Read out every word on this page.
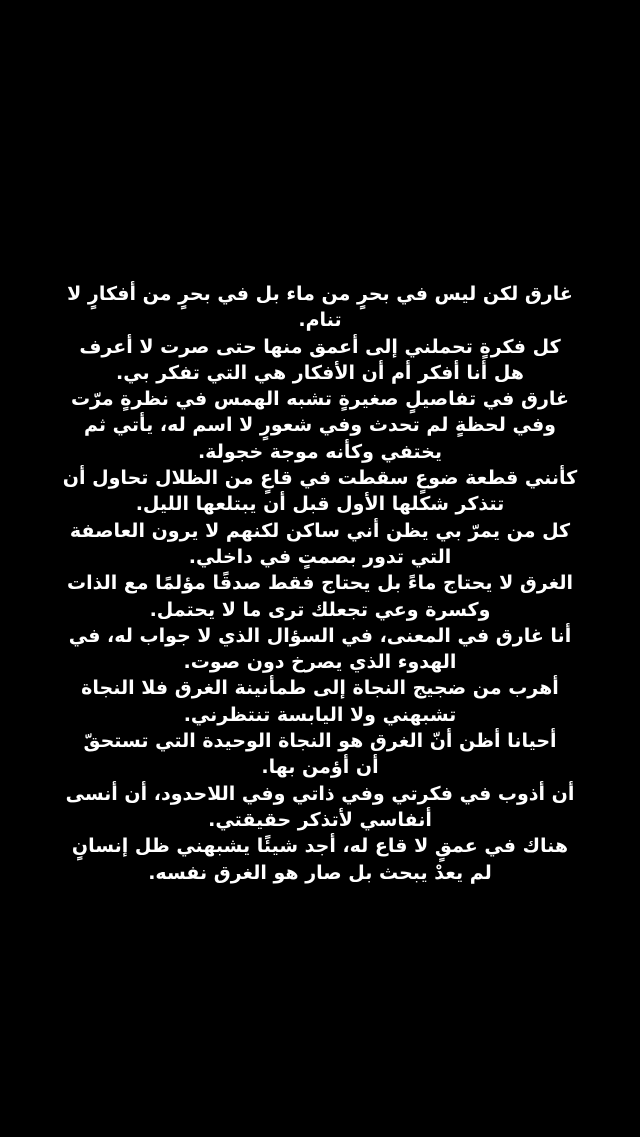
غارق لكن ليس في بحرٍ من ماء بل في بحرٍ من أفكارٍ لا
تنام.
كل فكرةٍ تحملني إلى أعمق منها حتى صرت لا أعرف
هل أنا أفكر أم أن الأفكار هي التي تفكر بي.
غارق في تفاصيلٍ صغيرةٍ تشبه الهمس في نظرةٍ مرّت
وفي لحظةٍ لم تحدث وفي شعورٍ لا اسم له، يأتي ثم
يختفي وكأنه موجة خجولة.
كأنني قطعة ضوعٍ سقطت في قاعٍ من الظلال تحاول أن
تتذكر شكلها الأول قبل أن يبتلعها الليل.
كل من يمرّ بي يظن أني ساكن لكنهم لا يرون العاصفة
التي تدور بصمتٍ في داخلي.
الغرق لا يحتاج ماءً بل يحتاج فقط صدقًا مؤلمًا مع الذات
وكسرة وعي تجعلك ترى ما لا يحتمل.
أنا غارق في المعنى، في السؤال الذي لا جواب له، في
الهدوء الذي يصرخ دون صوت.
أهرب من ضجيج النجاة إلى طمأنينة الغرق فلا النجاة
تشبهني ولا اليابسة تنتظرني.
أحيانا أظن أنّ الغرق هو النجاة الوحيدة التي تستحقّ
أن أؤمن بها.
أن أذوب في فكرتي وفي ذاتي وفي اللاحدود، أن أنسى
أنفاسي لأتذكر حقيقتي.
هناك في عمقٍ لا قاع له، أجد شيئًا يشبهني ظل إنسانٍ
لم يعدْ يبحث بل صار هو الغرق نفسه.
